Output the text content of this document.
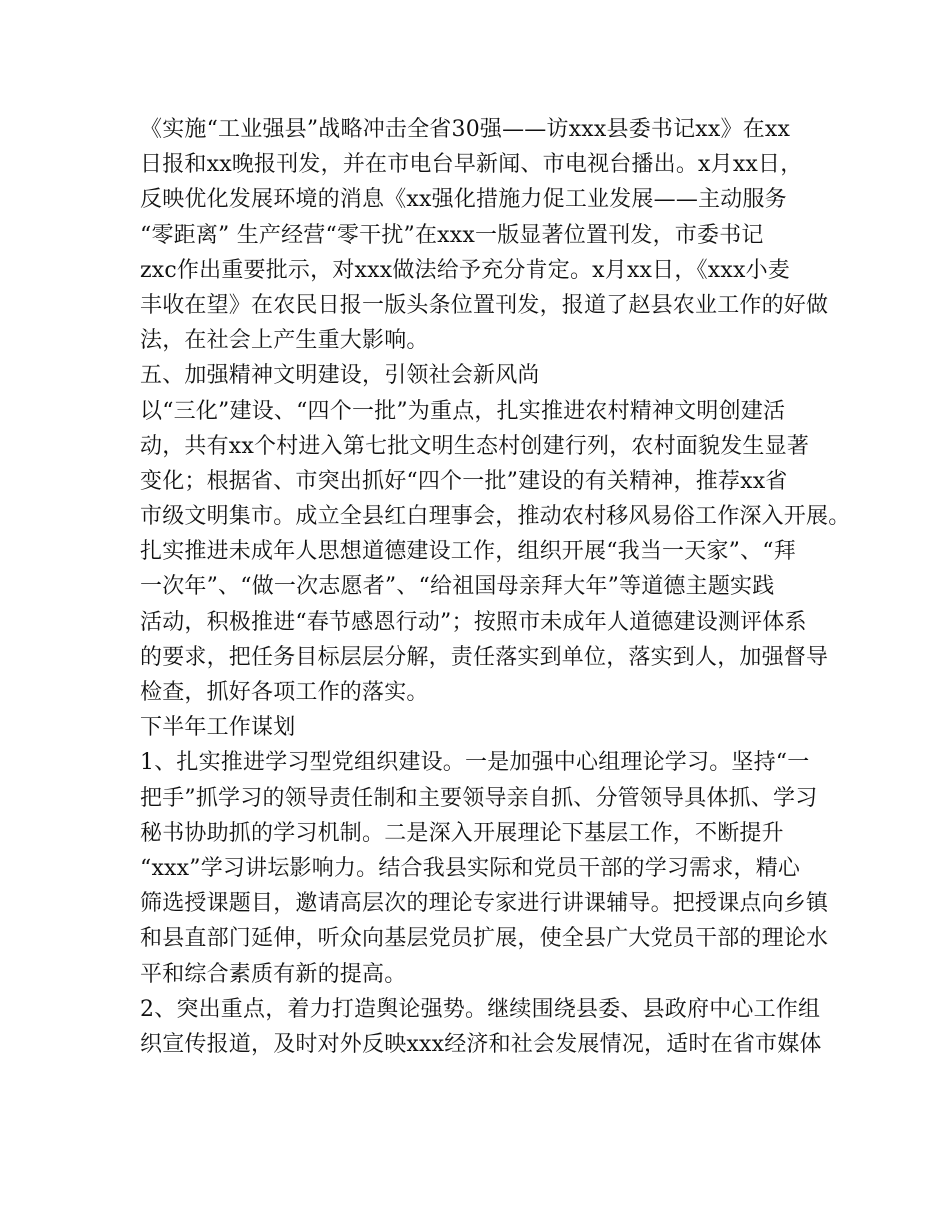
《实施“工业强县”战略冲击全省30强——访xxx县委书记xx》在xx
日报和xx晚报刊发，并在市电台早新闻、市电视台播出。x月xx日，
反映优化发展环境的消息《xx强化措施力促工业发展——主动服务
“零距离” 生产经营“零干扰”在xxx一版显著位置刊发，市委书记
zxc作出重要批示，对xxx做法给予充分肯定。x月xx日，《xxx小麦
丰收在望》在农民日报一版头条位置刊发，报道了赵县农业工作的好做
法，在社会上产生重大影响。
五、加强精神文明建设，引领社会新风尚
以“三化”建设、“四个一批”为重点，扎实推进农村精神文明创建活
动，共有xx个村进入第七批文明生态村创建行列，农村面貌发生显著
变化；根据省、市突出抓好“四个一批”建设的有关精神，推荐xx省
市级文明集市。成立全县红白理事会，推动农村移风易俗工作深入开展。
扎实推进未成年人思想道德建设工作，组织开展“我当一天家”、“拜
一次年”、“做一次志愿者”、“给祖国母亲拜大年”等道德主题实践
活动，积极推进“春节感恩行动”；按照市未成年人道德建设测评体系
的要求，把任务目标层层分解，责任落实到单位，落实到人，加强督导
检查，抓好各项工作的落实。
下半年工作谋划
1、扎实推进学习型党组织建设。一是加强中心组理论学习。坚持“一
把手”抓学习的领导责任制和主要领导亲自抓、分管领导具体抓、学习
秘书协助抓的学习机制。二是深入开展理论下基层工作，不断提升
“xxx”学习讲坛影响力。结合我县实际和党员干部的学习需求，精心
筛选授课题目，邀请高层次的理论专家进行讲课辅导。把授课点向乡镇
和县直部门延伸，听众向基层党员扩展，使全县广大党员干部的理论水
平和综合素质有新的提高。
2、突出重点，着力打造舆论强势。继续围绕县委、县政府中心工作组
织宣传报道，及时对外反映xxx经济和社会发展情况，适时在省市媒体
